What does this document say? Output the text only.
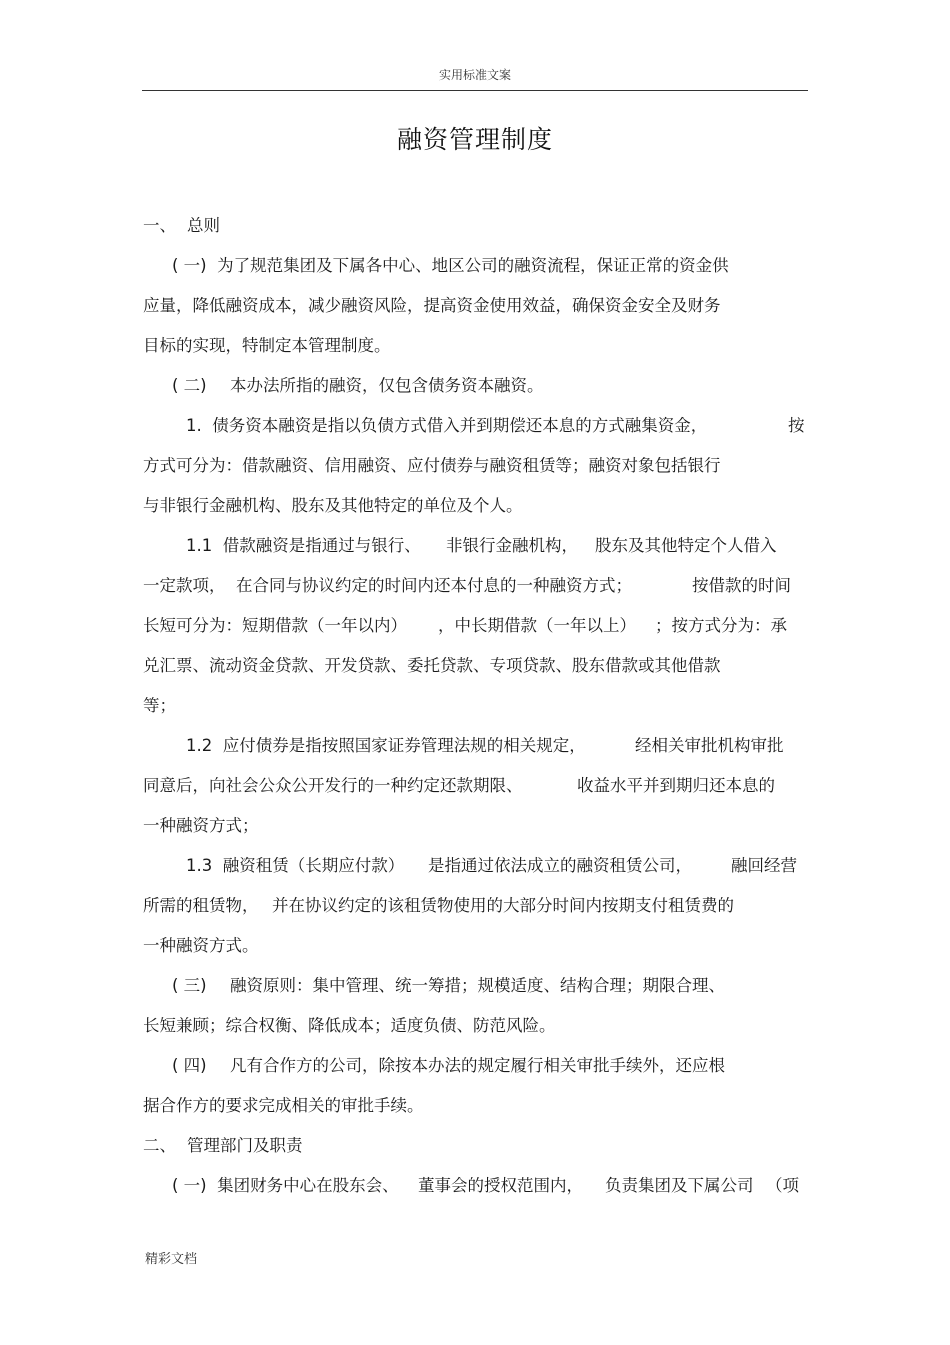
实用标准文案
融资管理制度
一、 总则
( 一)  为了规范集团及下属各中心、地区公司的融资流程，保证正常的资金供
应量，降低融资成本，减少融资风险，提高资金使用效益，确保资金安全及财务
目标的实现，特制定本管理制度。
( 二) 本办法所指的融资，仅包含债务资本融资。
1.  债务资本融资是指以负债方式借入并到期偿还本息的方式融集资金，	按
方式可分为：借款融资、信用融资、应付债券与融资租赁等；融资对象包括银行
与非银行金融机构、股东及其他特定的单位及个人。
1.1  借款融资是指通过与银行、 非银行金融机构， 股东及其他特定个人借入
一定款项， 在合同与协议约定的时间内还本付息的一种融资方式；	按借款的时间
长短可分为：短期借款（一年以内） ，中长期借款（一年以上） ；按方式分为：承
兑汇票、流动资金贷款、开发贷款、委托贷款、专项贷款、股东借款或其他借款
等；
1.2  应付债券是指按照国家证券管理法规的相关规定，	经相关审批机构审批
同意后，向社会公众公开发行的一种约定还款期限、	收益水平并到期归还本息的
一种融资方式；
1.3  融资租赁（长期应付款） 是指通过依法成立的融资租赁公司， 融回经营
所需的租赁物， 并在协议约定的该租赁物使用的大部分时间内按期支付租赁费的
一种融资方式。
( 三) 融资原则：集中管理、统一筹措；规模适度、结构合理；期限合理、
长短兼顾；综合权衡、降低成本；适度负债、防范风险。
( 四) 凡有合作方的公司，除按本办法的规定履行相关审批手续外，还应根
据合作方的要求完成相关的审批手续。
二、 管理部门及职责
( 一)  集团财务中心在股东会、 董事会的授权范围内， 负责集团及下属公司 （项
精彩文档
